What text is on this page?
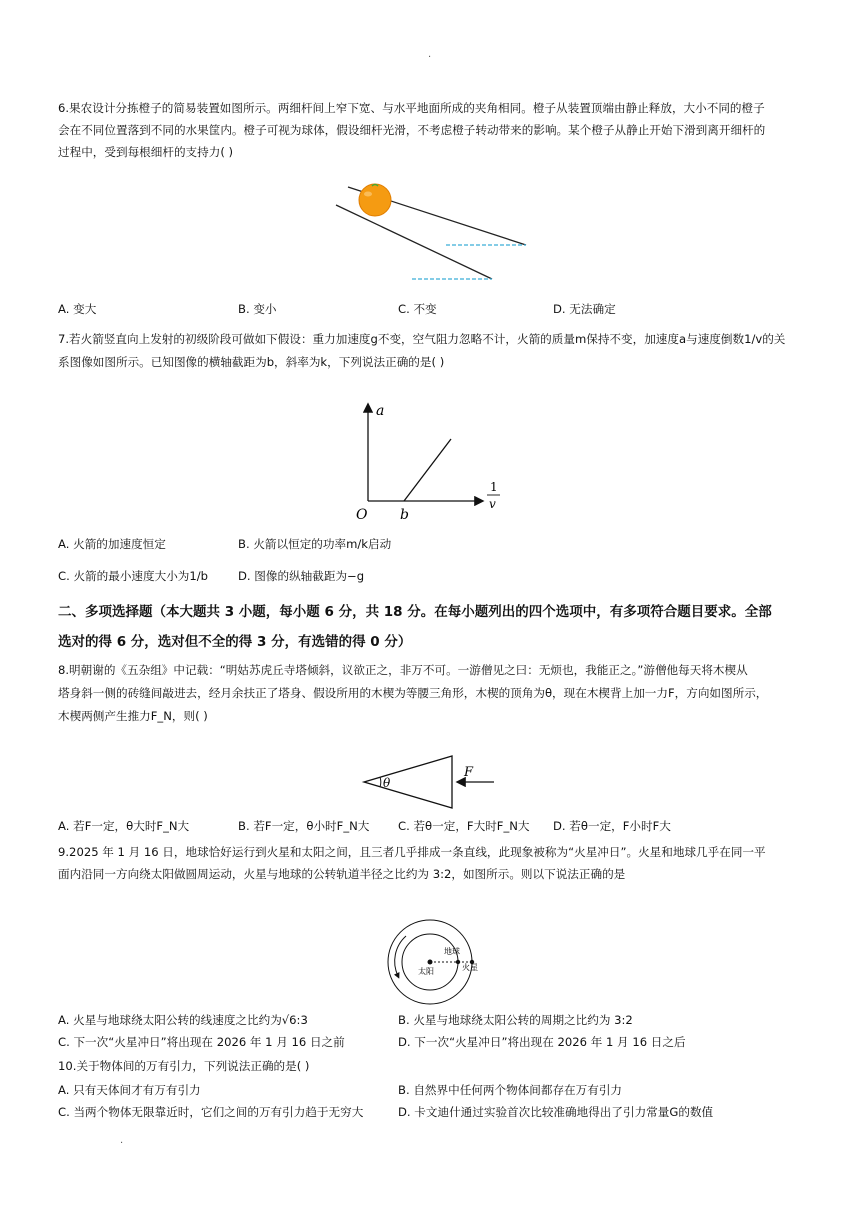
·
6.果农设计分拣橙子的简易装置如图所示。两细杆间上窄下宽、与水平地面所成的夹角相同。橙子从装置顶端由静止释放，大小不同的橙子
会在不同位置落到不同的水果筐内。橙子可视为球体，假设细杆光滑，不考虑橙子转动带来的影响。某个橙子从静止开始下滑到离开细杆的
过程中，受到每根细杆的支持力( )
A. 变大	B. 变小	C. 不变	D. 无法确定
7.若火箭竖直向上发射的初级阶段可做如下假设：重力加速度g不变，空气阻力忽略不计，火箭的质量m保持不变，加速度a与速度倒数1/v的关
系图像如图所示。已知图像的横轴截距为b，斜率为k，下列说法正确的是( )
a
O b
1
v
A. 火箭的加速度恒定	B. 火箭以恒定的功率m/k启动
C. 火箭的最小速度大小为1/b	D. 图像的纵轴截距为−g
二、多项选择题（本大题共 3 小题，每小题 6 分，共 18 分。在每小题列出的四个选项中，有多项符合题目要求。全部
选对的得 6 分，选对但不全的得 3 分，有选错的得 0 分）
8.明朝谢的《五杂组》中记载：“明姑苏虎丘寺塔倾斜，议欲正之，非万不可。一游僧见之曰：无烦也，我能正之。”游僧他每天将木楔从
塔身斜一侧的砖缝间敲进去，经月余扶正了塔身、假设所用的木楔为等腰三角形，木楔的顶角为θ，现在木楔背上加一力F，方向如图所示，
木楔两侧产生推力F_N，则( )
θ
F
A. 若F一定，θ大时F_N大	B. 若F一定，θ小时F_N大 C. 若θ一定，F大时F_N大 D. 若θ一定，F小时F大
9.2025 年 1 月 16 日，地球恰好运行到火星和太阳之间，且三者几乎排成一条直线，此现象被称为“火星冲日”。火星和地球几乎在同一平
面内沿同一方向绕太阳做圆周运动，火星与地球的公转轨道半径之比约为 3:2，如图所示。则以下说法正确的是
太阳
地球
火星
A. 火星与地球绕太阳公转的线速度之比约为√6:3	B. 火星与地球绕太阳公转的周期之比约为 3:2
C. 下一次“火星冲日”将出现在 2026 年 1 月 16 日之前	D. 下一次“火星冲日”将出现在 2026 年 1 月 16 日之后
10.关于物体间的万有引力，下列说法正确的是( )
A. 只有天体间才有万有引力	B. 自然界中任何两个物体间都存在万有引力
C. 当两个物体无限靠近时，它们之间的万有引力趋于无穷大	D. 卡文迪什通过实验首次比较准确地得出了引力常量G的数值
·
